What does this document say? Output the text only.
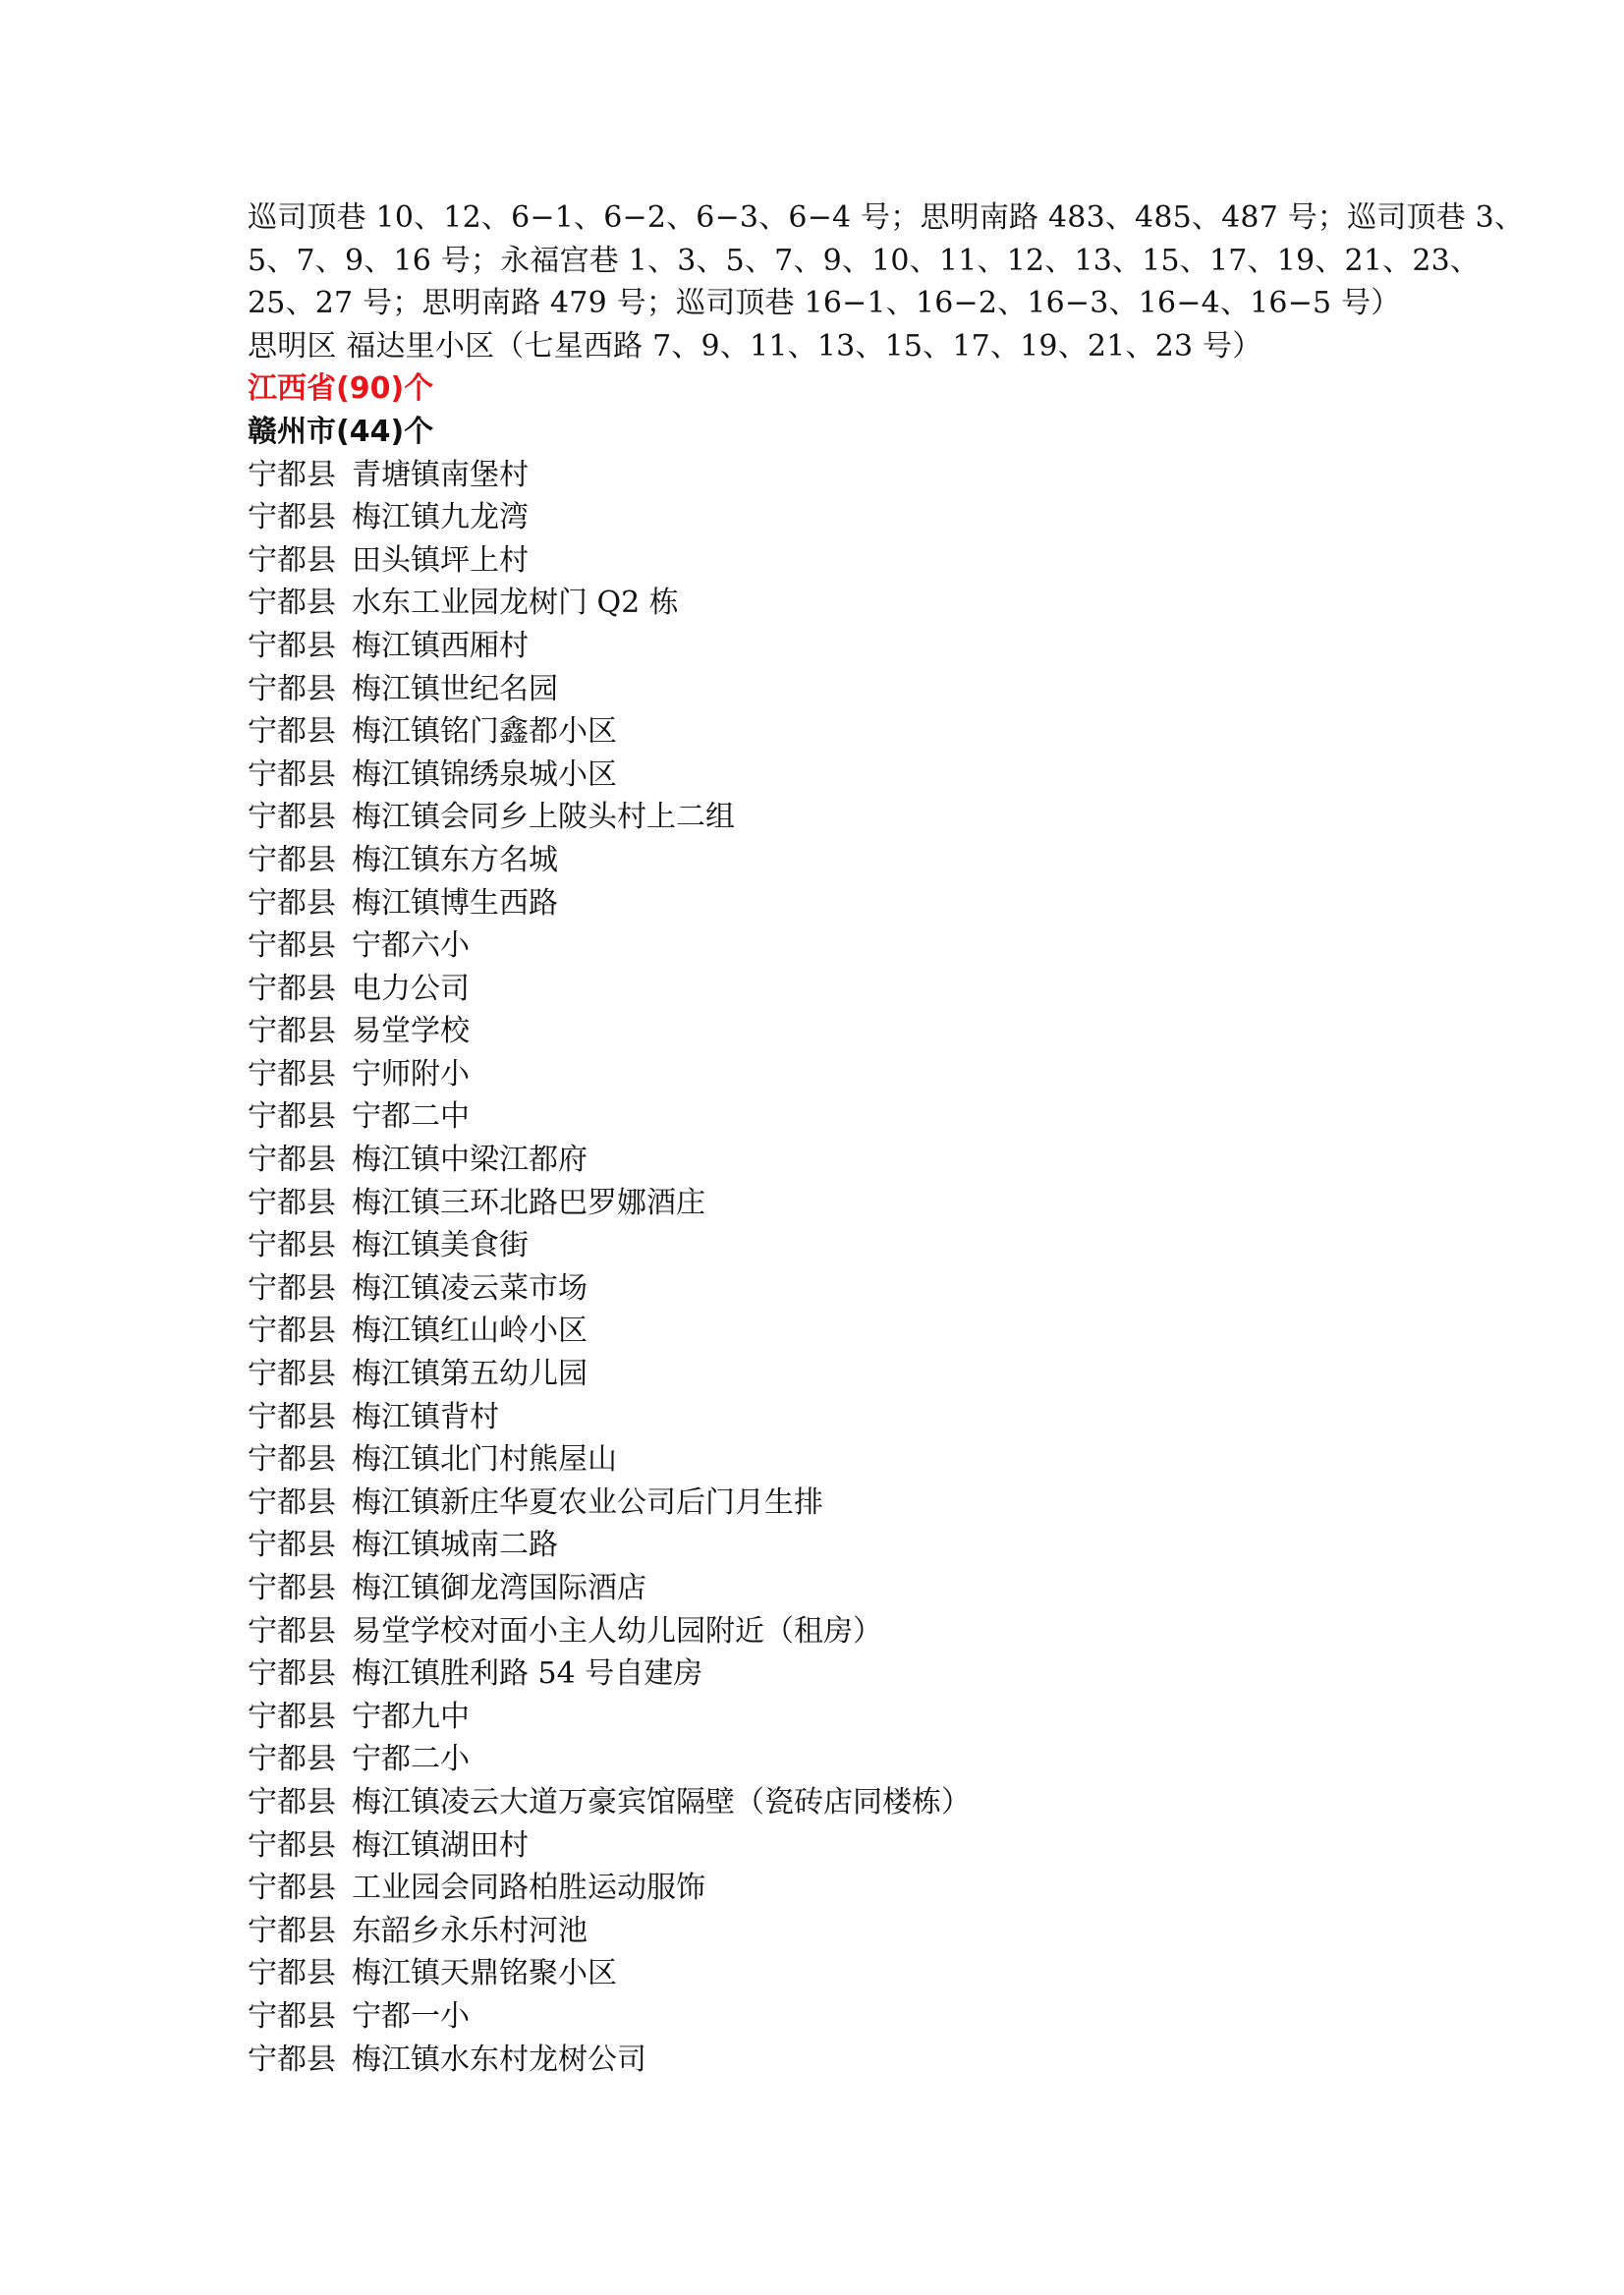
巡司顶巷 10、12、6−1、6−2、6−3、6−4 号；思明南路 483、485、487 号；巡司顶巷 3、
5、7、9、16 号；永福宫巷 1、3、5、7、9、10、11、12、13、15、17、19、21、23、
25、27 号；思明南路 479 号；巡司顶巷 16−1、16−2、16−3、16−4、16−5 号）
思明区 福达里小区（七星西路 7、9、11、13、15、17、19、21、23 号）
江西省(90)个
赣州市(44)个
宁都县 青塘镇南堡村
宁都县 梅江镇九龙湾
宁都县 田头镇坪上村
宁都县 水东工业园龙树门 Q2 栋
宁都县 梅江镇西厢村
宁都县 梅江镇世纪名园
宁都县 梅江镇铭门鑫都小区
宁都县 梅江镇锦绣泉城小区
宁都县 梅江镇会同乡上陂头村上二组
宁都县 梅江镇东方名城
宁都县 梅江镇博生西路
宁都县 宁都六小
宁都县 电力公司
宁都县 易堂学校
宁都县 宁师附小
宁都县 宁都二中
宁都县 梅江镇中梁江都府
宁都县 梅江镇三环北路巴罗娜酒庄
宁都县 梅江镇美食街
宁都县 梅江镇凌云菜市场
宁都县 梅江镇红山岭小区
宁都县 梅江镇第五幼儿园
宁都县 梅江镇背村
宁都县 梅江镇北门村熊屋山
宁都县 梅江镇新庄华夏农业公司后门月生排
宁都县 梅江镇城南二路
宁都县 梅江镇御龙湾国际酒店
宁都县 易堂学校对面小主人幼儿园附近（租房）
宁都县 梅江镇胜利路 54 号自建房
宁都县 宁都九中
宁都县 宁都二小
宁都县 梅江镇凌云大道万豪宾馆隔壁（瓷砖店同楼栋）
宁都县 梅江镇湖田村
宁都县 工业园会同路柏胜运动服饰
宁都县 东韶乡永乐村河池
宁都县 梅江镇天鼎铭聚小区
宁都县 宁都一小
宁都县 梅江镇水东村龙树公司
